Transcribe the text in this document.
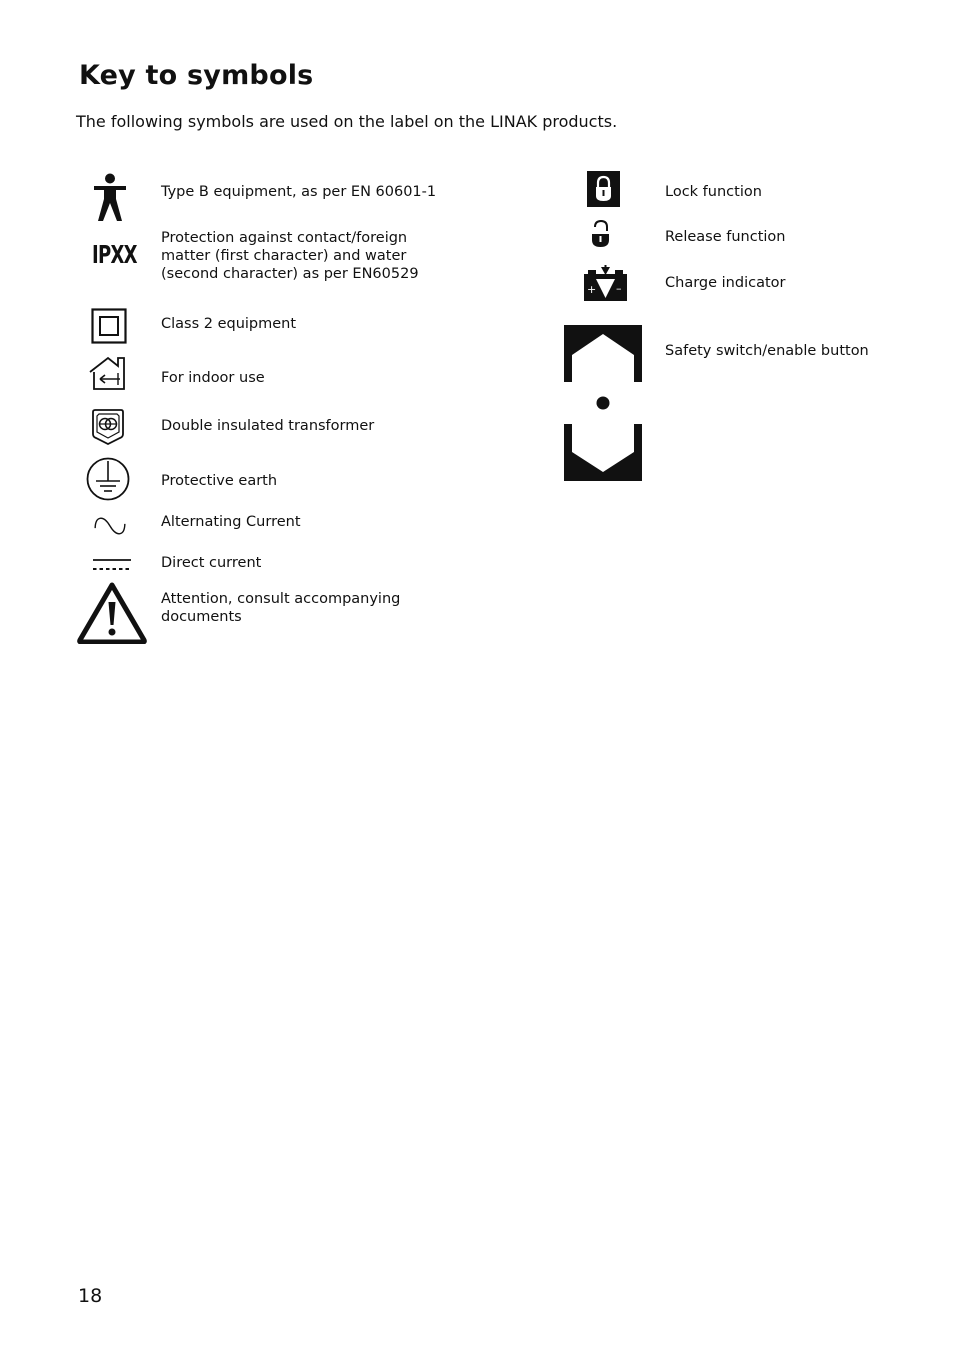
Key to symbols

The following symbols are used on the label on the LINAK products.

Type B equipment, as per EN 60601-1
IPXX
Protection against contact/foreign
matter (first character) and water
(second character) as per EN60529
Class 2 equipment
For indoor use
Double insulated transformer
Protective earth
Alternating Current
Direct current
Attention, consult accompanying
documents
Lock function
Release function
+ –	Charge indicator
Safety switch/enable button
18
